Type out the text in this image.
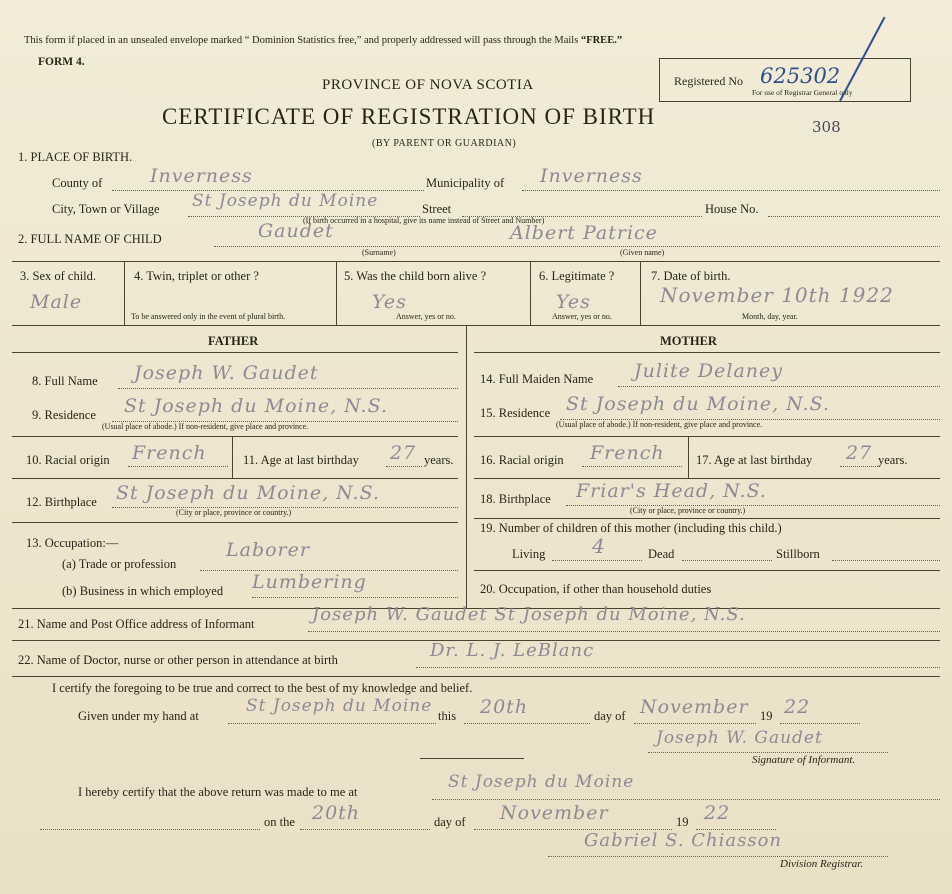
This form if placed in an unsealed envelope marked “ Dominion Statistics free,” and properly addressed will pass through the Mails “FREE.”
FORM 4.
PROVINCE OF NOVA SCOTIA
CERTIFICATE OF REGISTRATION OF BIRTH
(BY PARENT OR GUARDIAN)
Registered No 625302
For use of Registrar General only
308
1. PLACE OF BIRTH.
County of	Inverness	Municipality of Inverness
City, Town or Village St Joseph du Moine	Street	House No.
(If birth occurred in a hospital, give its name instead of Street and Number)
2. FULL NAME OF CHILD	Gaudet	Albert Patrice
(Surname)	(Given name)
3. Sex of child.
Male
4. Twin, triplet or other ?
To be answered only in the event of plural birth.
5. Was the child born alive ?
Yes
Answer, yes or no.
6. Legitimate ?
Yes
Answer, yes or no.
7. Date of birth.
November 10th 1922
Month, day, year.
FATHER	MOTHER
8. Full Name Joseph W. Gaudet
9. Residence St Joseph du Moine, N.S.
(Usual place of abode.) If non-resident, give place and province.
10. Racial origin French	11. Age at last birthday 27 years.
12. Birthplace St Joseph du Moine, N.S.
(City or place, province or country.)
13. Occupation:—
(a) Trade or profession
Laborer
(b) Business in which employed Lumbering
14. Full Maiden Name Julite Delaney
15. Residence St Joseph du Moine, N.S.
(Usual place of abode.) If non-resident, give place and province.
16. Racial origin French	17. Age at last birthday 27 years.
18. Birthplace Friar's Head, N.S.
(City or place, province or country.)
19. Number of children of this mother (including this child.)
Living 4	Dead	Stillborn
20. Occupation, if other than household duties
21. Name and Post Office address of Informant	Joseph W. Gaudet St Joseph du Moine, N.S.
22. Name of Doctor, nurse or other person in attendance at birth	Dr. L. J. LeBlanc
I certify the foregoing to be true and correct to the best of my knowledge and belief.
Given under my hand at	St Joseph du Moine this 20th	day of November 19 22
Joseph W. Gaudet
Signature of Informant.
I hereby certify that the above return was made to me at	St Joseph du Moine
on the 20th	day of November	19 22
Gabriel S. Chiasson
Division Registrar.
